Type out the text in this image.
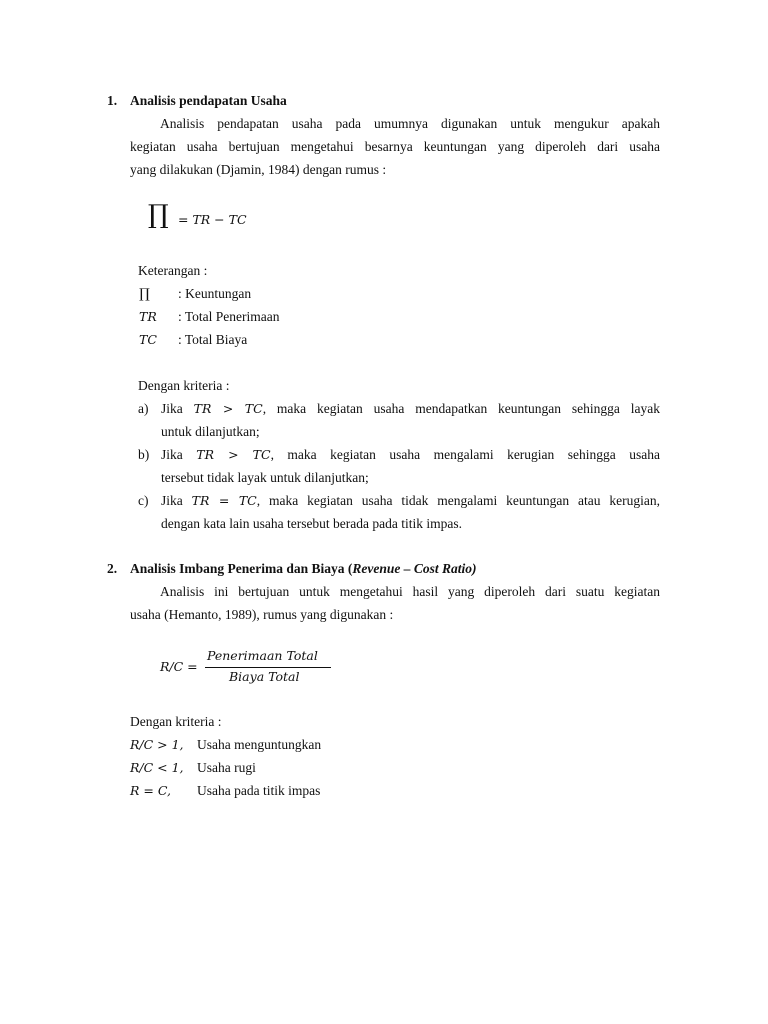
1. Analisis pendapatan Usaha
Analisis pendapatan usaha pada umumnya digunakan untuk mengukur apakah
kegiatan usaha bertujuan mengetahui besarnya keuntungan yang diperoleh dari usaha
yang dilakukan (Djamin, 1984) dengan rumus :
∏ = TR − TC
Keterangan :
∏ : Keuntungan
TR : Total Penerimaan
TC : Total Biaya
Dengan kriteria :
a) Jika TR > TC, maka kegiatan usaha mendapatkan keuntungan sehingga layak
untuk dilanjutkan;
b) Jika TR > TC, maka kegiatan usaha mengalami kerugian sehingga usaha
tersebut tidak layak untuk dilanjutkan;
c) Jika TR = TC, maka kegiatan usaha tidak mengalami keuntungan atau kerugian,
dengan kata lain usaha tersebut berada pada titik impas.
2. Analisis Imbang Penerima dan Biaya (Revenue – Cost Ratio)
Analisis ini bertujuan untuk mengetahui hasil yang diperoleh dari suatu kegiatan
usaha (Hemanto, 1989), rumus yang digunakan :
R/C =
Penerimaan Total
Biaya Total
Dengan kriteria :
R/C > 1, Usaha menguntungkan
R/C < 1, Usaha rugi
R = C, Usaha pada titik impas
